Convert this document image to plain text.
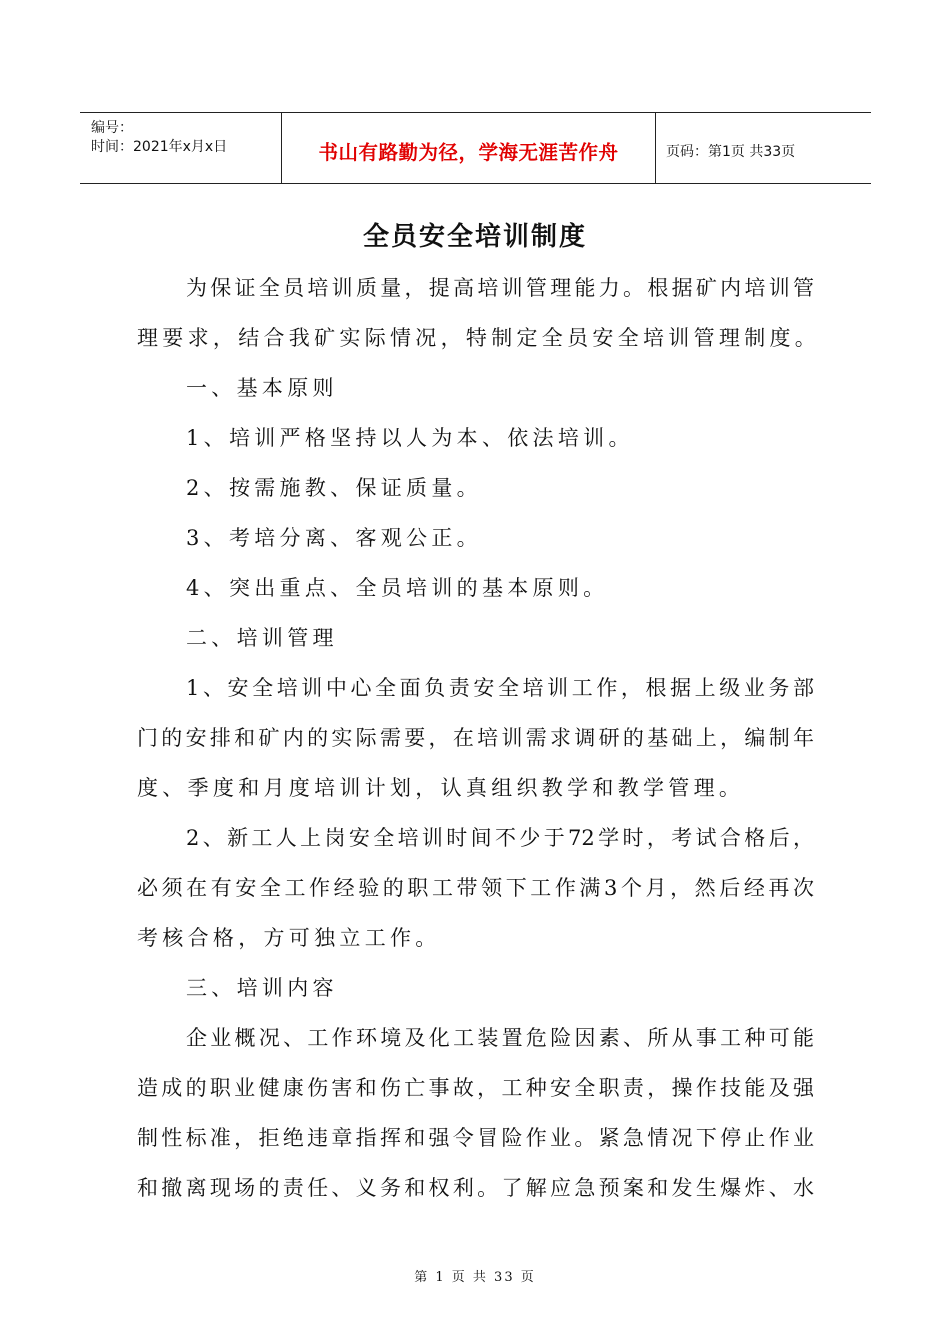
编号：
时间：2021年x月x日	书山有路勤为径，学海无涯苦作舟	页码：第1页 共33页
全员安全培训制度
为保证全员培训质量，提高培训管理能力。根据矿内培训管
理要求，结合我矿实际情况，特制定全员安全培训管理制度。
一、基本原则
1、培训严格坚持以人为本、依法培训。
2、按需施教、保证质量。
3、考培分离、客观公正。
4、突出重点、全员培训的基本原则。
二、培训管理
1、安全培训中心全面负责安全培训工作，根据上级业务部
门的安排和矿内的实际需要，在培训需求调研的基础上，编制年
度、季度和月度培训计划，认真组织教学和教学管理。
2、新工人上岗安全培训时间不少于72学时，考试合格后，
必须在有安全工作经验的职工带领下工作满3个月，然后经再次
考核合格，方可独立工作。
三、培训内容
企业概况、工作环境及化工装置危险因素、所从事工种可能
造成的职业健康伤害和伤亡事故，工种安全职责，操作技能及强
制性标准，拒绝违章指挥和强令冒险作业。紧急情况下停止作业
和撤离现场的责任、义务和权利。了解应急预案和发生爆炸、水
第 1 页 共 33 页
